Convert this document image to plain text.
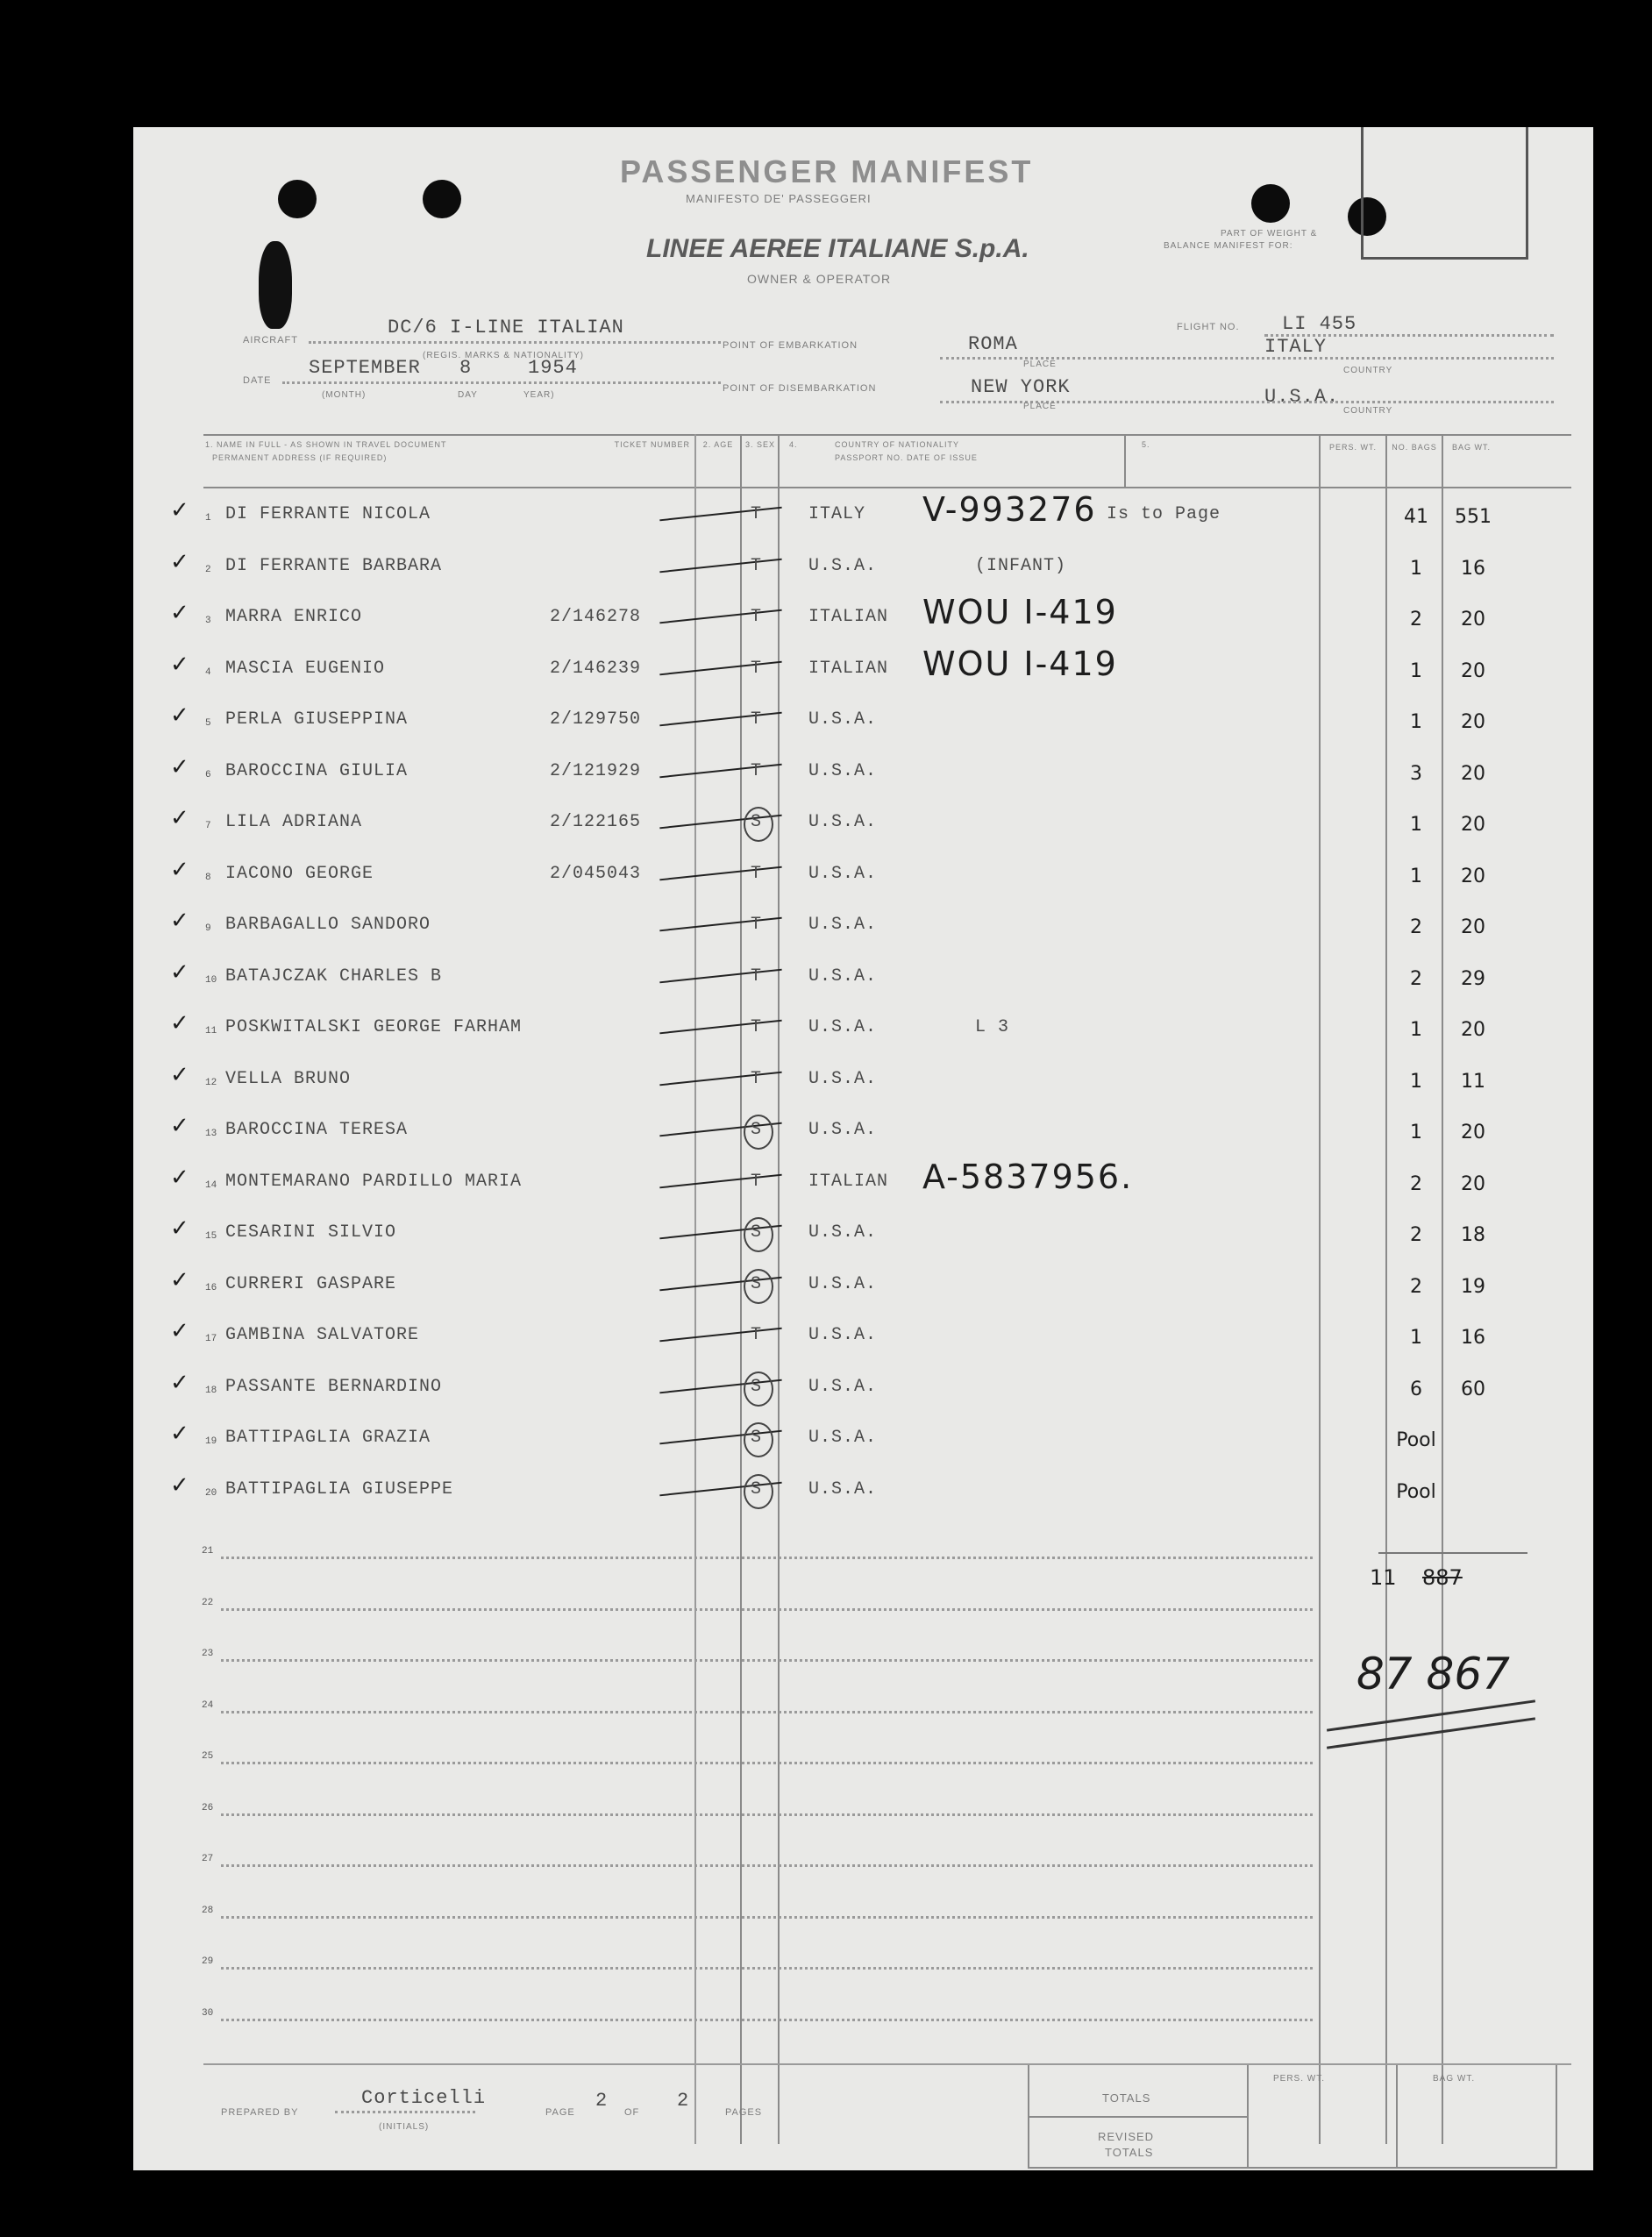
PASSENGER MANIFEST
MANIFESTO DE' PASSEGGERI
LINEE AEREE ITALIANE S.p.A.
OWNER & OPERATOR
PART OF WEIGHT &
BALANCE MANIFEST FOR:
AIRCRAFT
DC/6 I-LINE ITALIAN
(REGIS. MARKS & NATIONALITY)
DATE
SEPTEMBER 8	1954
(MONTH)	DAY	YEAR)
POINT OF EMBARKATION	ROMA	ITALY
PLACE
COUNTRY
POINT OF DISEMBARKATION	NEW YORK	U.S.A.
PLACE	COUNTRY
FLIGHT NO. LI 455
1. NAME IN FULL - AS SHOWN IN TRAVEL DOCUMENT
PERMANENT ADDRESS (IF REQUIRED)
TICKET NUMBER	2. AGE	3. SEX 4.	COUNTRY OF NATIONALITY
PASSPORT NO. DATE OF ISSUE
5.	PERS. WT.	NO. BAGS	BAG WT.
✓ 1 DI FERRANTE NICOLA	T	ITALY V-993276 Is to Page	41	551
✓ 2 DI FERRANTE BARBARA	T	U.S.A.	(INFANT)	1	16
✓ 3 MARRA ENRICO	2/146278	T	ITALIAN WOU I-419	2	20
✓ 4 MASCIA EUGENIO	2/146239	T	ITALIAN WOU I-419	1	20
✓ 5 PERLA GIUSEPPINA	2/129750	T	U.S.A.	1	20
✓ 6 BAROCCINA GIULIA	2/121929	T	U.S.A.	3	20
✓ 7 LILA ADRIANA	2/122165	S	U.S.A.	1	20
✓ 8 IACONO GEORGE	2/045043	T	U.S.A.	1	20
✓ 9 BARBAGALLO SANDORO	T	U.S.A.	2	20
✓ 10 BATAJCZAK CHARLES B	T	U.S.A.	2	29
✓ 11 POSKWITALSKI GEORGE FARHAM	T	U.S.A.	L 3	1	20
✓ 12 VELLA BRUNO	T	U.S.A.	1	11
✓ 13 BAROCCINA TERESA	S	U.S.A.	1	20
✓ 14 MONTEMARANO PARDILLO MARIA	T	ITALIAN A-5837956.	2	20
✓ 15 CESARINI SILVIO	S	U.S.A.	2	18
✓ 16 CURRERI GASPARE	S	U.S.A.	2	19
✓ 17 GAMBINA SALVATORE	T	U.S.A.	1	16
✓ 18 PASSANTE BERNARDINO	S	U.S.A.	6	60
✓ 19 BATTIPAGLIA GRAZIA	S	U.S.A.	Pool
✓ 20 BATTIPAGLIA GIUSEPPE	S	U.S.A.	Pool
21
22
23
24
25
26
27
28
29
30
11 887
87 867
PREPARED BY
Corticelli
(INITIALS)
PAGE
2
OF
2
PAGES
TOTALS
REVISED
TOTALS
PERS. WT.	BAG WT.
